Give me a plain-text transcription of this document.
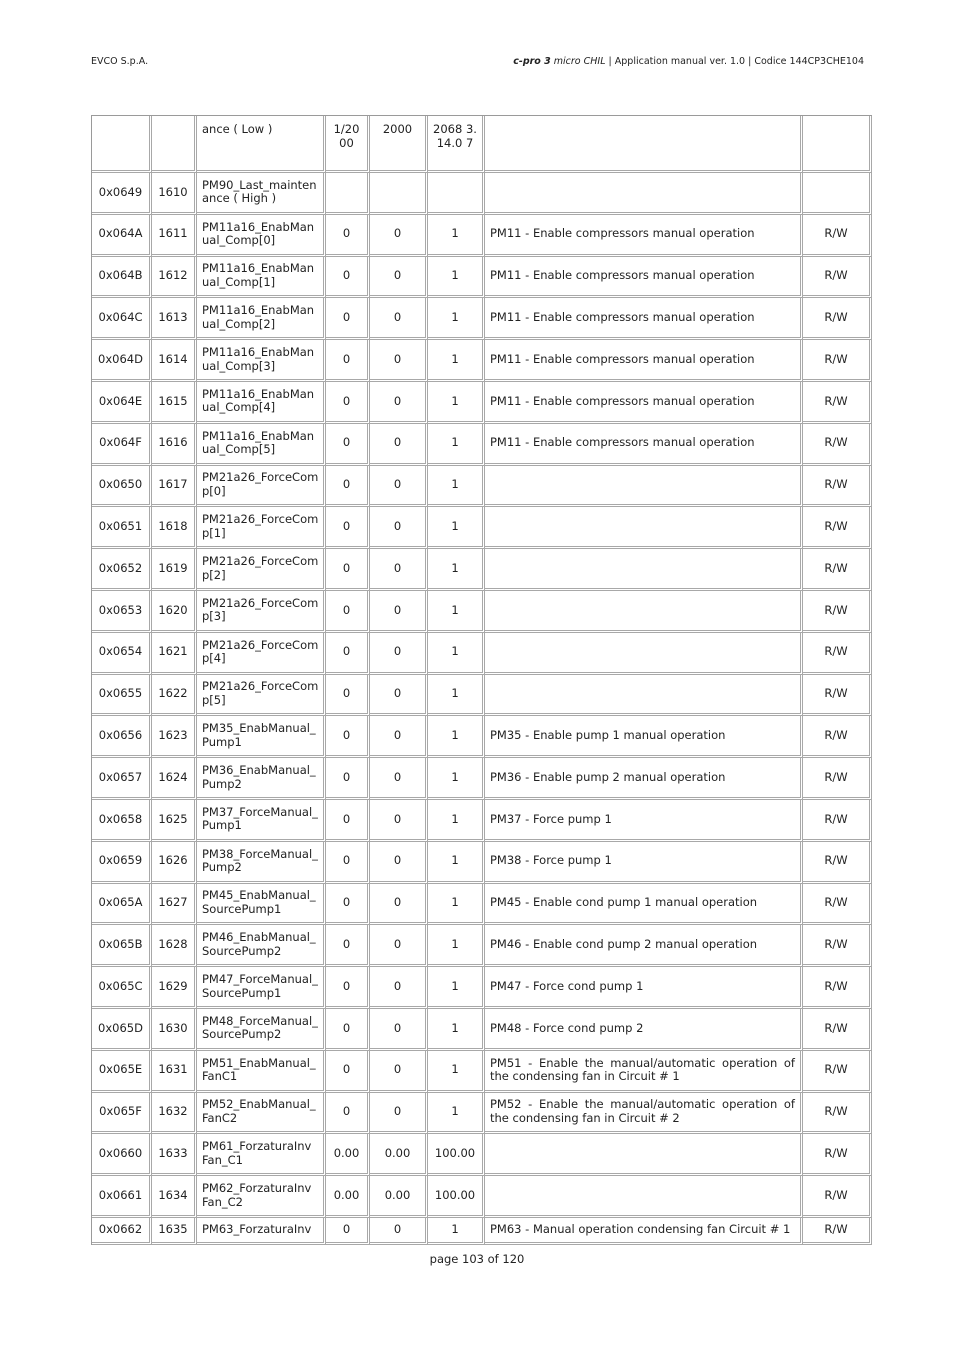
EVCO S.p.A.	c-pro 3 micro CHIL | Application manual ver. 1.0 | Codice 144CP3CHE104
		ance ( Low )	1/20 00	2000	2068 3.14.0 7		
0x0649	1610	PM90_Last_mainten ance ( High )					
0x064A	1611	PM11a16_EnabMan ual_Comp[0]	0	0	1	PM11 - Enable compressors manual operation	R/W
0x064B	1612	PM11a16_EnabMan ual_Comp[1]	0	0	1	PM11 - Enable compressors manual operation	R/W
0x064C	1613	PM11a16_EnabMan ual_Comp[2]	0	0	1	PM11 - Enable compressors manual operation	R/W
0x064D	1614	PM11a16_EnabMan ual_Comp[3]	0	0	1	PM11 - Enable compressors manual operation	R/W
0x064E	1615	PM11a16_EnabMan ual_Comp[4]	0	0	1	PM11 - Enable compressors manual operation	R/W
0x064F	1616	PM11a16_EnabMan ual_Comp[5]	0	0	1	PM11 - Enable compressors manual operation	R/W
0x0650	1617	PM21a26_ForceCom p[0]	0	0	1		R/W
0x0651	1618	PM21a26_ForceCom p[1]	0	0	1		R/W
0x0652	1619	PM21a26_ForceCom p[2]	0	0	1		R/W
0x0653	1620	PM21a26_ForceCom p[3]	0	0	1		R/W
0x0654	1621	PM21a26_ForceCom p[4]	0	0	1		R/W
0x0655	1622	PM21a26_ForceCom p[5]	0	0	1		R/W
0x0656	1623	PM35_EnabManual_ Pump1	0	0	1	PM35 - Enable pump 1 manual operation	R/W
0x0657	1624	PM36_EnabManual_ Pump2	0	0	1	PM36 - Enable pump 2 manual operation	R/W
0x0658	1625	PM37_ForceManual_ Pump1	0	0	1	PM37 - Force pump 1	R/W
0x0659	1626	PM38_ForceManual_ Pump2	0	0	1	PM38 - Force pump 1	R/W
0x065A	1627	PM45_EnabManual_ SourcePump1	0	0	1	PM45 - Enable cond pump 1 manual operation	R/W
0x065B	1628	PM46_EnabManual_ SourcePump2	0	0	1	PM46 - Enable cond pump 2 manual operation	R/W
0x065C	1629	PM47_ForceManual_ SourcePump1	0	0	1	PM47 - Force cond pump 1	R/W
0x065D	1630	PM48_ForceManual_ SourcePump2	0	0	1	PM48 - Force cond pump 2	R/W
0x065E	1631	PM51_EnabManual_ FanC1	0	0	1	PM51 - Enable the manual/automatic operation of the condensing fan in Circuit # 1	R/W
0x065F	1632	PM52_EnabManual_ FanC2	0	0	1	PM52 - Enable the manual/automatic operation of the condensing fan in Circuit # 2	R/W
0x0660	1633	PM61_ForzaturaInv Fan_C1	0.00	0.00	100.00		R/W
0x0661	1634	PM62_ForzaturaInv Fan_C2	0.00	0.00	100.00		R/W
0x0662	1635	PM63_ForzaturaInv	0	0	1	PM63 - Manual operation condensing fan Circuit # 1	R/W
page 103 of 120
